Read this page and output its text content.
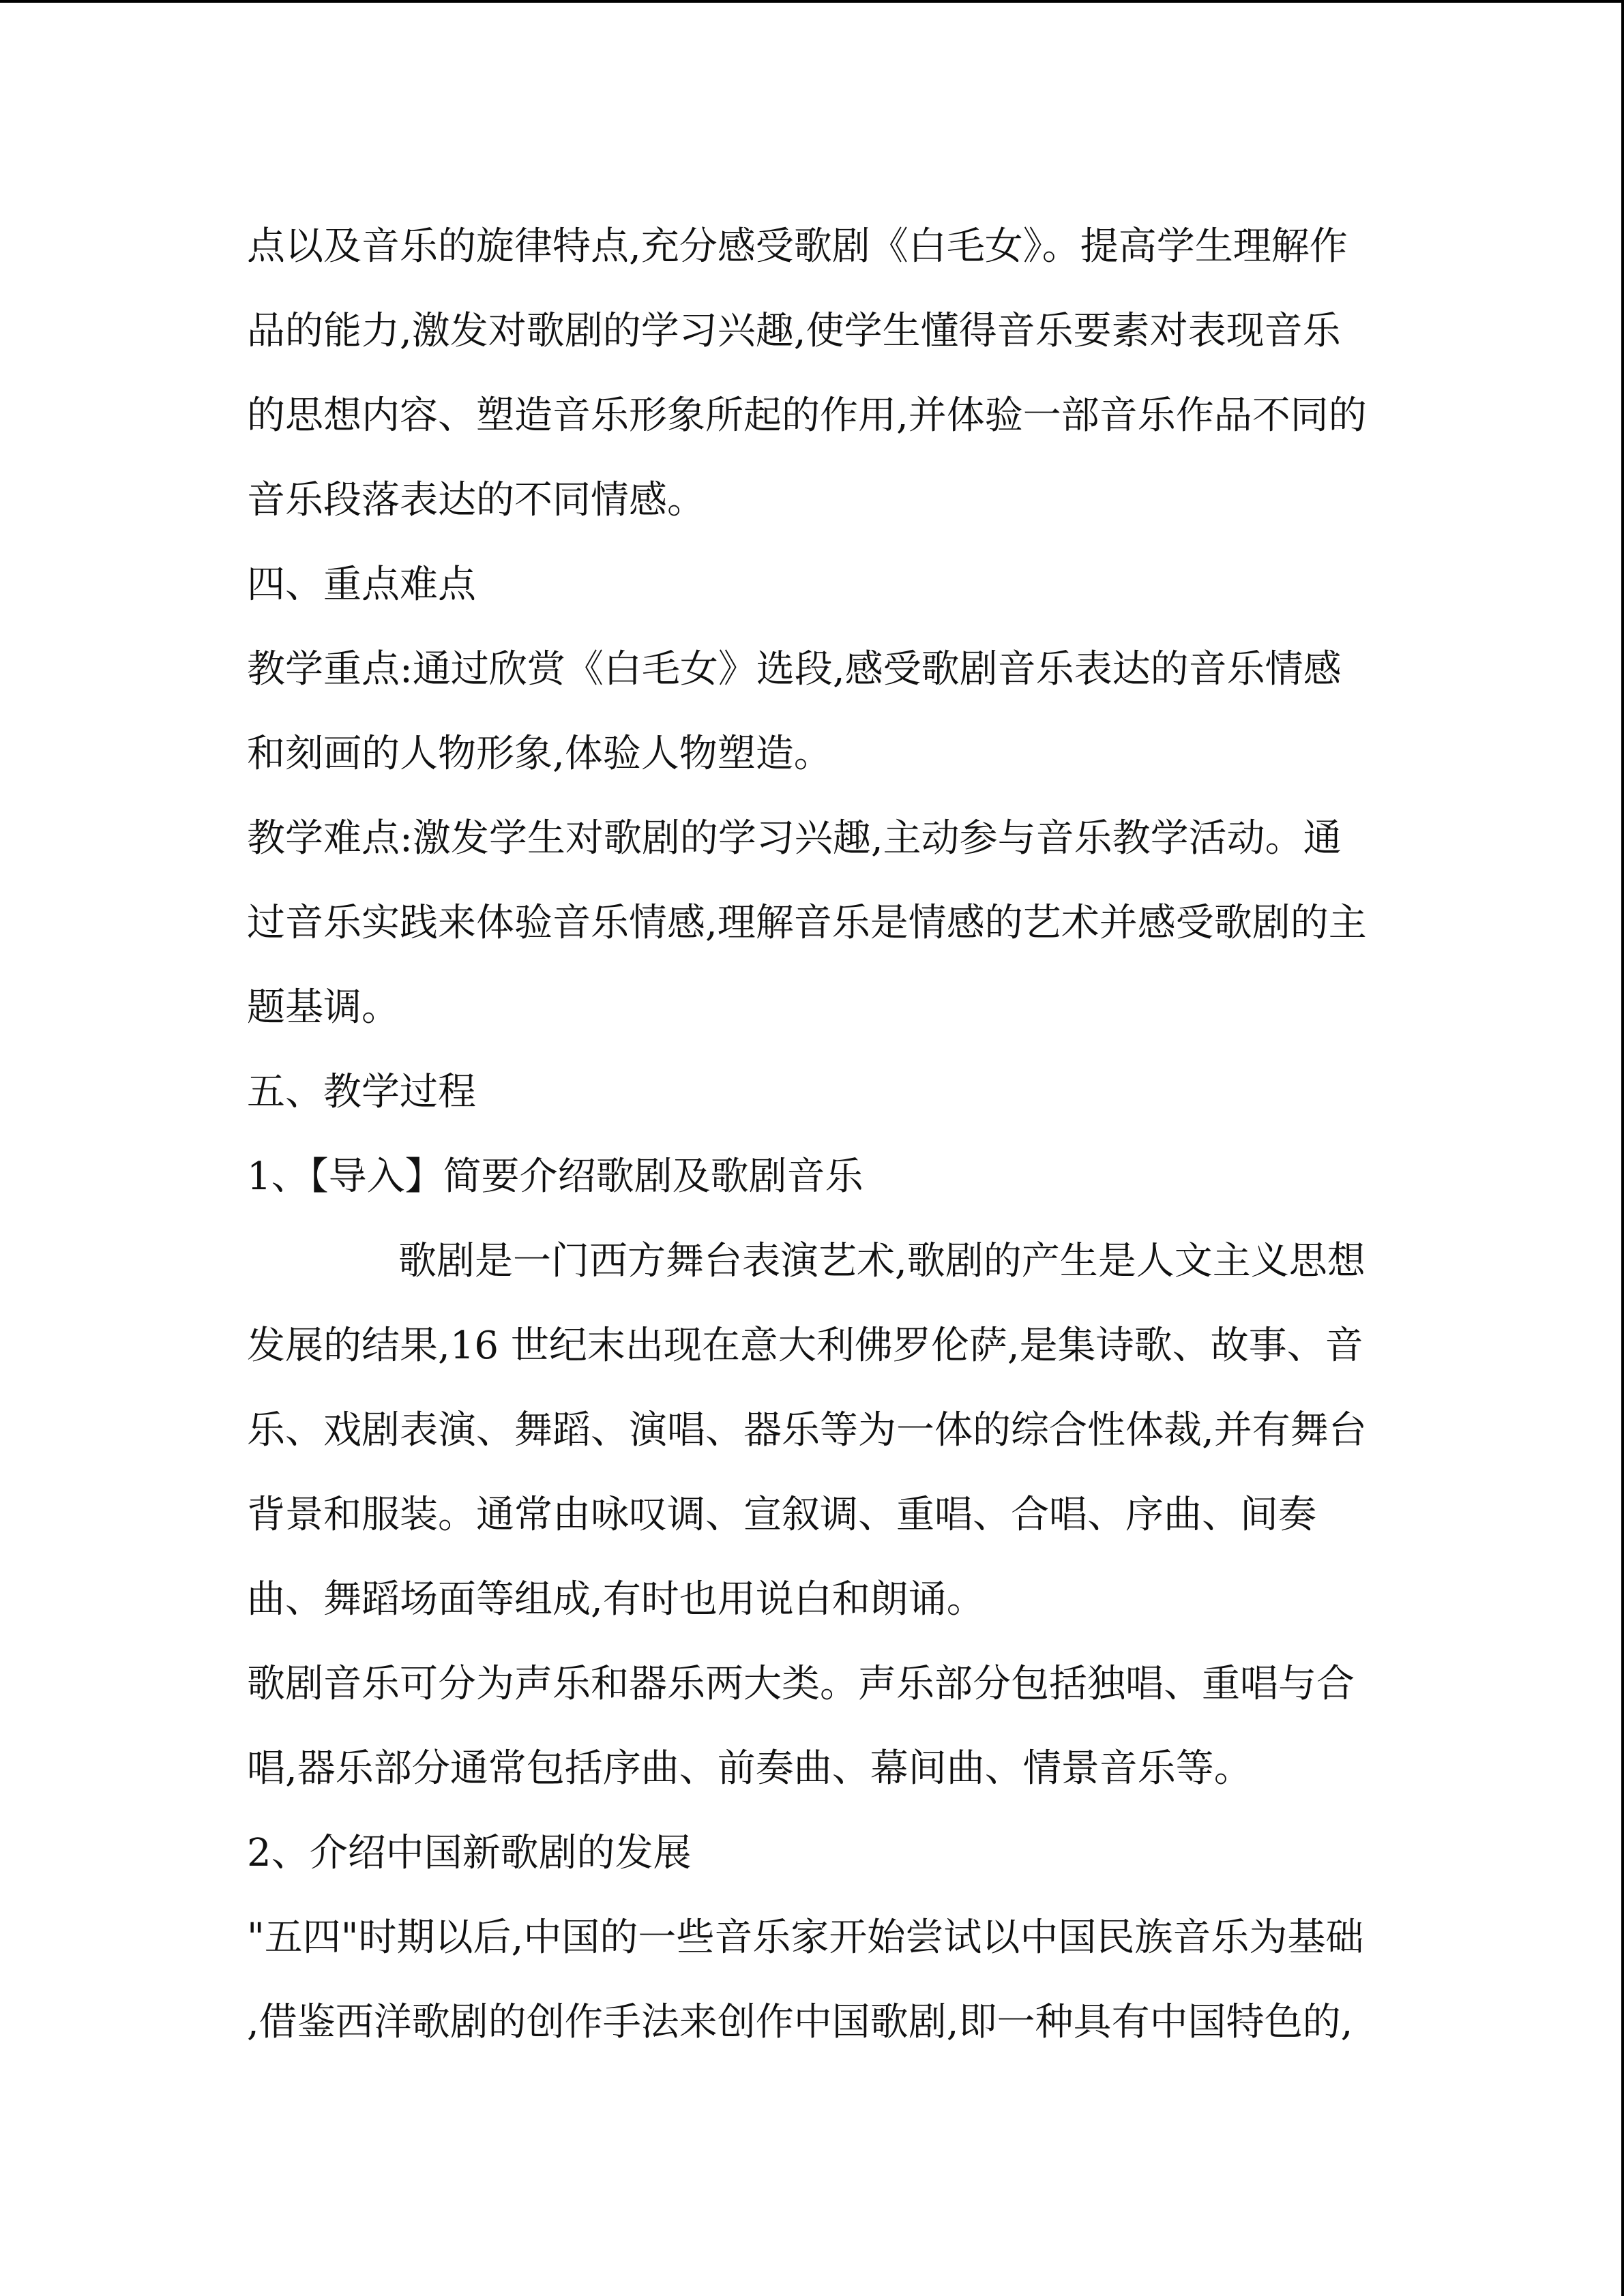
点以及音乐的旋律特点,充分感受歌剧《白毛女》。提高学生理解作
品的能力,激发对歌剧的学习兴趣,使学生懂得音乐要素对表现音乐
的思想内容、塑造音乐形象所起的作用,并体验一部音乐作品不同的
音乐段落表达的不同情感。
四、重点难点
教学重点:通过欣赏《白毛女》选段,感受歌剧音乐表达的音乐情感
和刻画的人物形象,体验人物塑造。
教学难点:激发学生对歌剧的学习兴趣,主动参与音乐教学活动。通
过音乐实践来体验音乐情感,理解音乐是情感的艺术并感受歌剧的主
题基调。
五、教学过程
1、【导入】简要介绍歌剧及歌剧音乐
歌剧是一门西方舞台表演艺术,歌剧的产生是人文主义思想
发展的结果,16 世纪末出现在意大利佛罗伦萨,是集诗歌、故事、音
乐、戏剧表演、舞蹈、演唱、器乐等为一体的综合性体裁,并有舞台
背景和服装。通常由咏叹调、宣叙调、重唱、合唱、序曲、间奏
曲、舞蹈场面等组成,有时也用说白和朗诵。
歌剧音乐可分为声乐和器乐两大类。声乐部分包括独唱、重唱与合
唱,器乐部分通常包括序曲、前奏曲、幕间曲、情景音乐等。
2、介绍中国新歌剧的发展
"五四"时期以后,中国的一些音乐家开始尝试以中国民族音乐为基础
,借鉴西洋歌剧的创作手法来创作中国歌剧,即一种具有中国特色的,
